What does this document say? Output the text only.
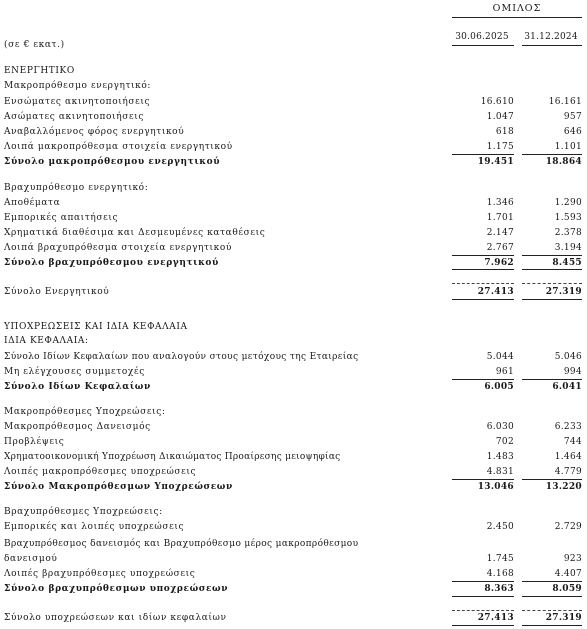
ΟΜΙΛΟΣ
(σε € εκατ.)
30.06.2025	31.12.2024
ΕΝΕΡΓΗΤΙΚΟ
Μακροπρόθεσμο ενεργητικό:
Ενσώματες ακινητοποιήσεις	16.610	16.161
Ασώματες ακινητοποιήσεις	1.047	957
Αναβαλλόμενος φόρος ενεργητικού	618	646
Λοιπά μακροπρόθεσμα στοιχεία ενεργητικού	1.175	1.101
Σύνολο μακροπρόθεσμου ενεργητικού	19.451	18.864
Βραχυπρόθεσμο ενεργητικό:
Αποθέματα	1.346	1.290
Εμπορικές απαιτήσεις	1.701	1.593
Χρηματικά διαθέσιμα και Δεσμευμένες καταθέσεις	2.147	2.378
Λοιπά βραχυπρόθεσμα στοιχεία ενεργητικού	2.767	3.194
Σύνολο βραχυπρόθεσμου ενεργητικού	7.962	8.455
Σύνολο Ενεργητικού	27.413	27.319
ΥΠΟΧΡΕΩΣΕΙΣ ΚΑΙ ΙΔΙΑ ΚΕΦΑΛΑΙΑ
ΙΔΙΑ ΚΕΦΑΛΑΙΑ:
Σύνολο Ιδίων Κεφαλαίων που αναλογούν στους μετόχους της Εταιρείας	5.044	5.046
Μη ελέγχουσες συμμετοχές	961	994
Σύνολο Ιδίων Κεφαλαίων	6.005	6.041
Μακροπρόθεσμες Υποχρεώσεις:
Μακροπρόθεσμος Δανεισμός	6.030	6.233
Προβλέψεις	702	744
Χρηματοοικονομική Υποχρέωση Δικαιώματος Προαίρεσης μειοψηφίας	1.483	1.464
Λοιπές μακροπρόθεσμες υποχρεώσεις	4.831	4.779
Σύνολο Μακροπρόθεσμων Υποχρεώσεων	13.046	13.220
Βραχυπρόθεσμες Υποχρεώσεις:
Εμπορικές και λοιπές υποχρεώσεις	2.450	2.729
Βραχυπρόθεσμος δανεισμός και Βραχυπρόθεσμο μέρος μακροπρόθεσμου
δανεισμού	1.745	923
Λοιπές βραχυπρόθεσμες υποχρεώσεις	4.168	4.407
Σύνολο βραχυπρόθεσμων υποχρεώσεων	8.363	8.059
Σύνολο υποχρεώσεων και ιδίων κεφαλαίων	27.413	27.319
